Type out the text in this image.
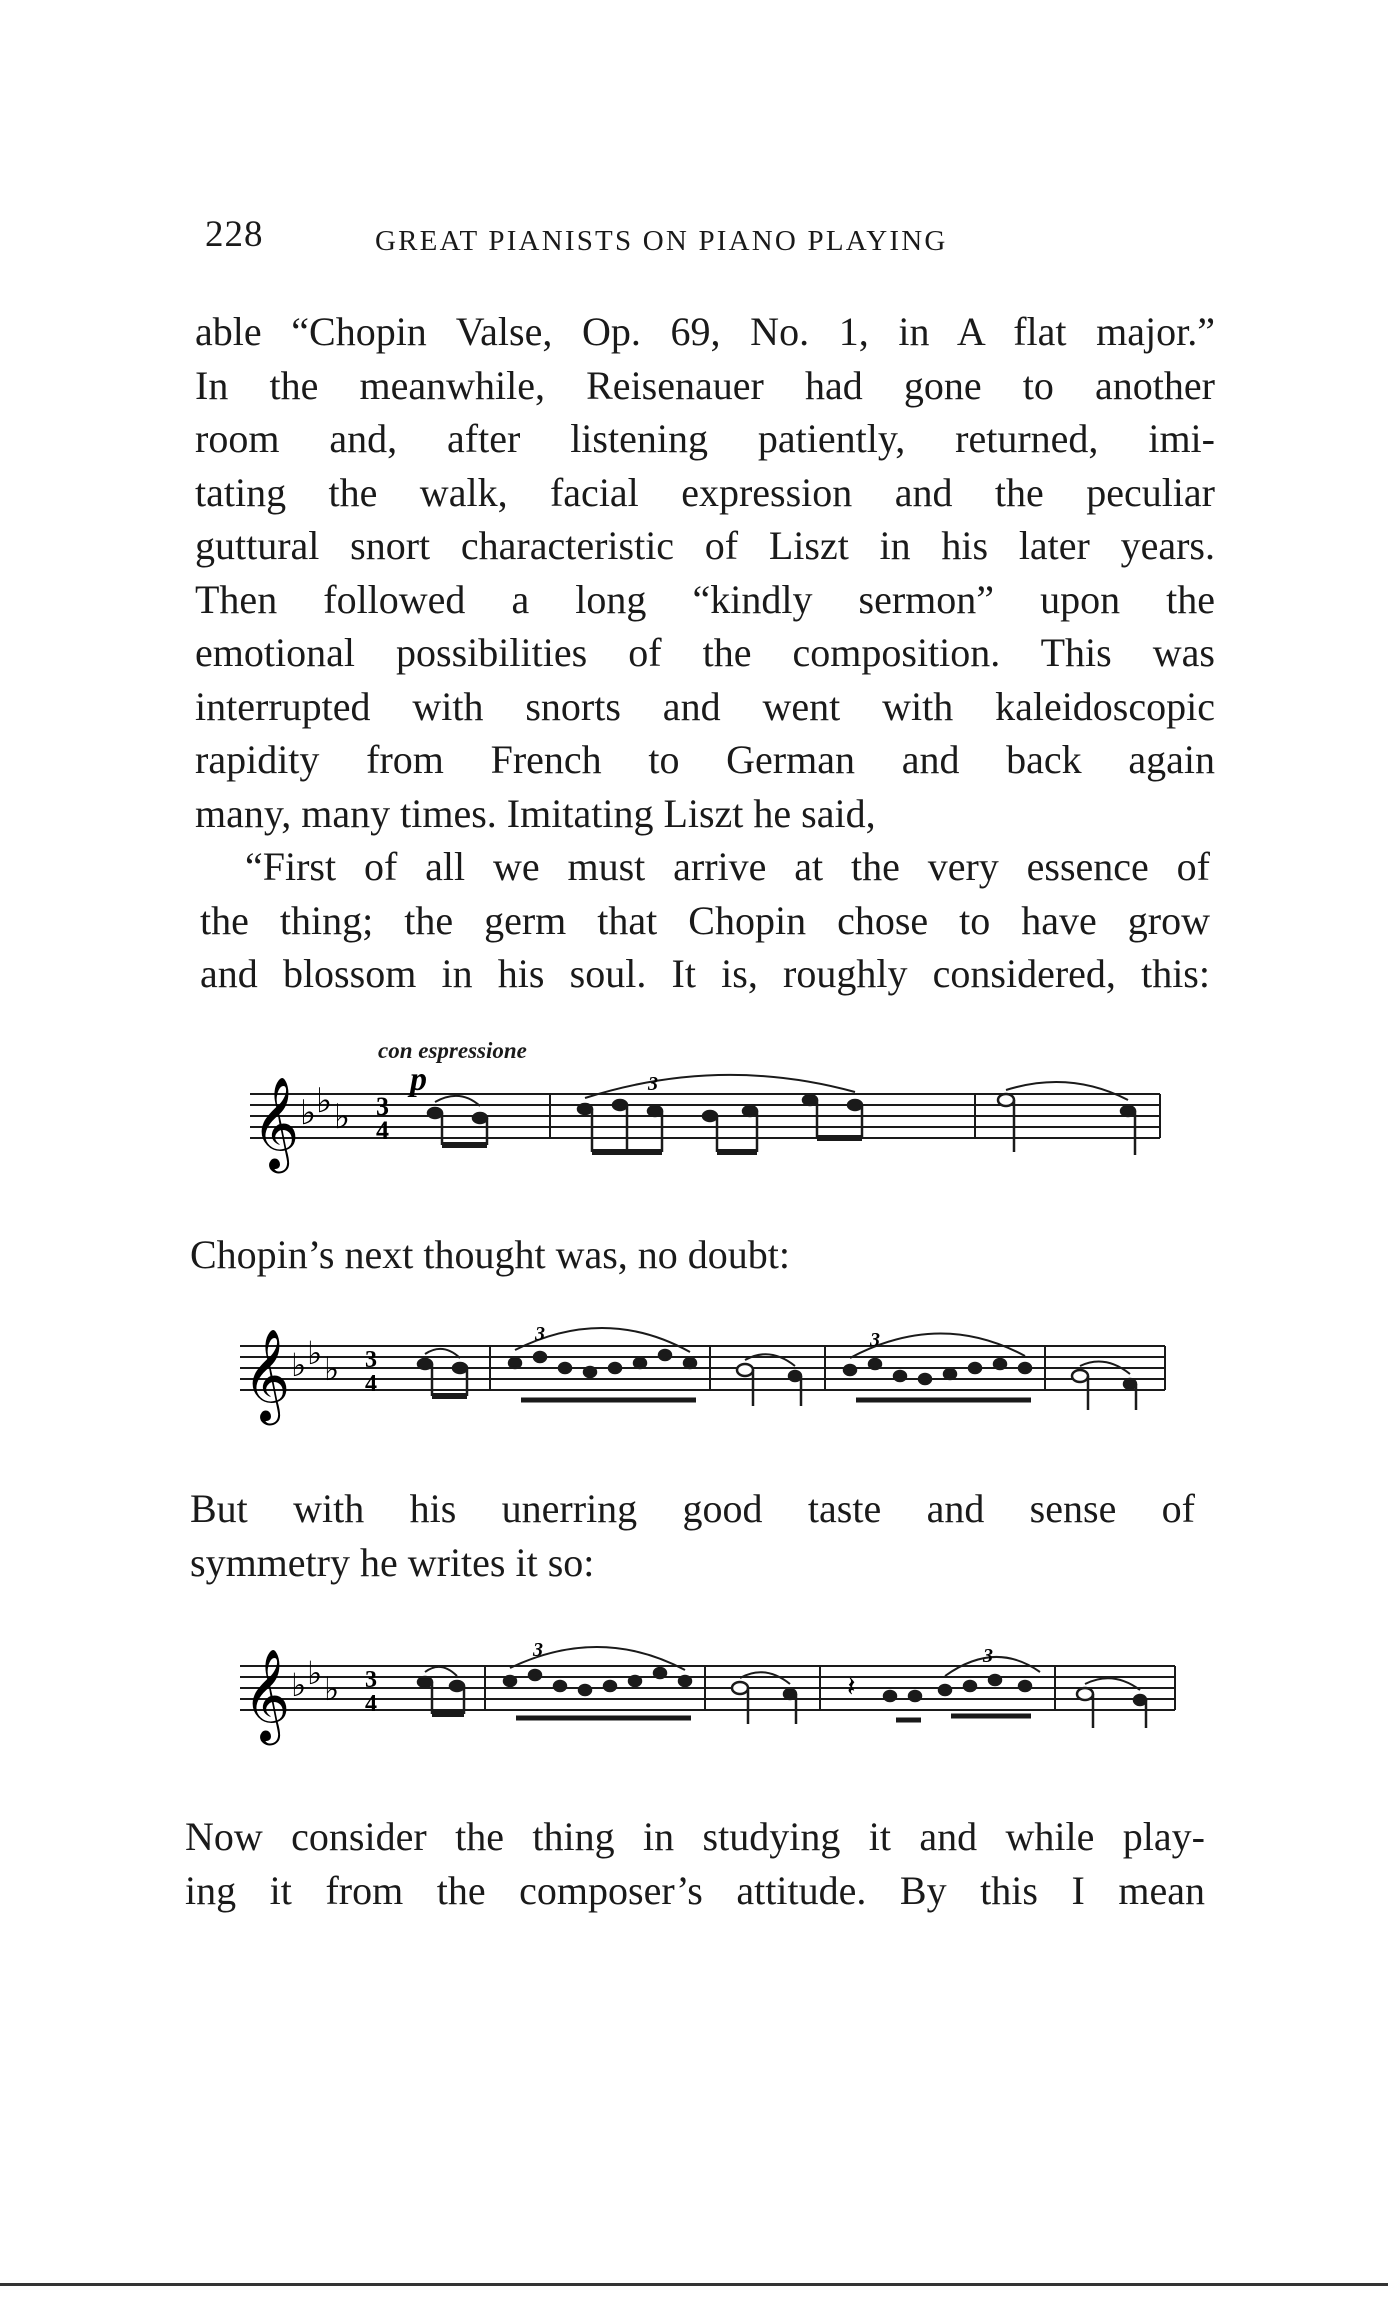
228	GREAT PIANISTS ON PIANO PLAYING
able “Chopin Valse, Op. 69, No. 1, in A flat major.”
In the meanwhile, Reisenauer had gone to another
room and, after listening patiently, returned, imi-
tating the walk, facial expression and the peculiar
guttural snort characteristic of Liszt in his later years.
Then followed a long “kindly sermon” upon the
emotional possibilities of the composition. This was
interrupted with snorts and went with kaleidoscopic
rapidity from French to German and back again
many, many times. Imitating Liszt he said,
“First of all we must arrive at the very essence of
the thing; the germ that Chopin chose to have grow
and blossom in his soul. It is, roughly considered, this:
con espressione
𝄞 ♭ ♭ ♭ 3
4
p	3
Chopin’s next thought was, no doubt:
𝄞 ♭ ♭ ♭ 3
4
3	3
But with his unerring good taste and sense of
symmetry he writes it so:
𝄞 ♭ ♭ ♭ 3
4
𝄽
3	3
Now consider the thing in studying it and while play-
ing it from the composer’s attitude. By this I mean
